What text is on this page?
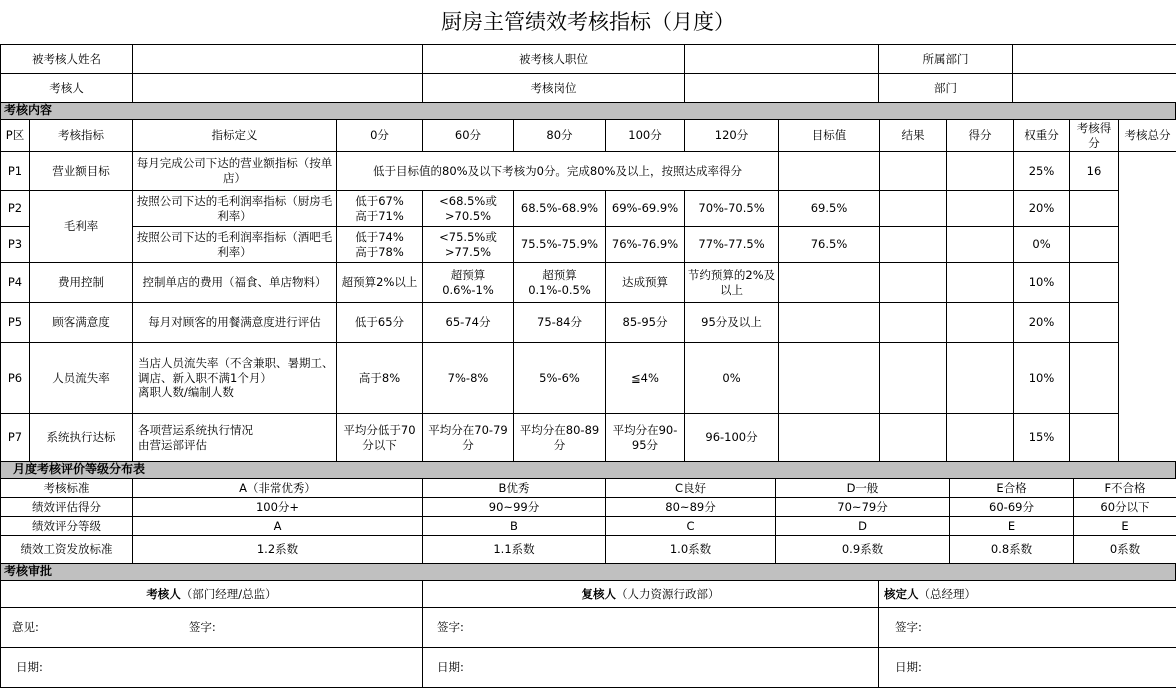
厨房主管绩效考核指标（月度）
被考核人姓名		被考核人职位		所属部门	
考核人		考核岗位		部门	
考核内容
P区	考核指标	指标定义	0分	60分	80分	100分	120分	目标值	结果	得分	权重分	考核得分	考核总分
P1	营业额目标	每月完成公司下达的营业额指标（按单店）	低于目标值的80%及以下考核为0分。完成80%及以上，按照达成率得分								25%	16	
P2	毛利率	按照公司下达的毛利润率指标（厨房毛利率）	低于67%
高于71%	<68.5%或
>70.5%	68.5%-68.9%	69%-69.9%	70%-70.5%	69.5%			20%		
P3		按照公司下达的毛利润率指标（酒吧毛利率）	低于74%
高于78%	<75.5%或
>77.5%	75.5%-75.9%	76%-76.9%	77%-77.5%	76.5%			0%		
P4	费用控制	控制单店的费用（福食、单店物料）	超预算2%以上	超预算0.6%-1%	超预算0.1%-0.5%	达成预算	节约预算的2%及以上				10%		
P5	顾客满意度	每月对顾客的用餐满意度进行评估	低于65分	65-74分	75-84分	85-95分	95分及以上				20%		
P6	人员流失率	当店人员流失率（不含兼职、暑期工、调店、新入职不满1个月）
离职人数/编制人数	高于8%	7%-8%	5%-6%	≦4%	0%				10%		
P7	系统执行达标	各项营运系统执行情况
由营运部评估	平均分低于70分以下	平均分在70-79分	平均分在80-89分	平均分在90-95分	96-100分				15%		
月度考核评价等级分布表
考核标准	A（非常优秀）	B优秀	C良好	D一般	E合格	F不合格
绩效评估得分	100分+	90~99分	80~89分	70~79分	60-69分	60分以下
绩效评分等级	A	B	C	D	E	E
绩效工资发放标准	1.2系数	1.1系数	1.0系数	0.9系数	0.8系数	0系数
考核审批
考核人（部门经理/总监）	复核人（人力资源行政部）	核定人（总经理）

意见: 签字:	签字:	签字:
日期:	日期:	日期:
